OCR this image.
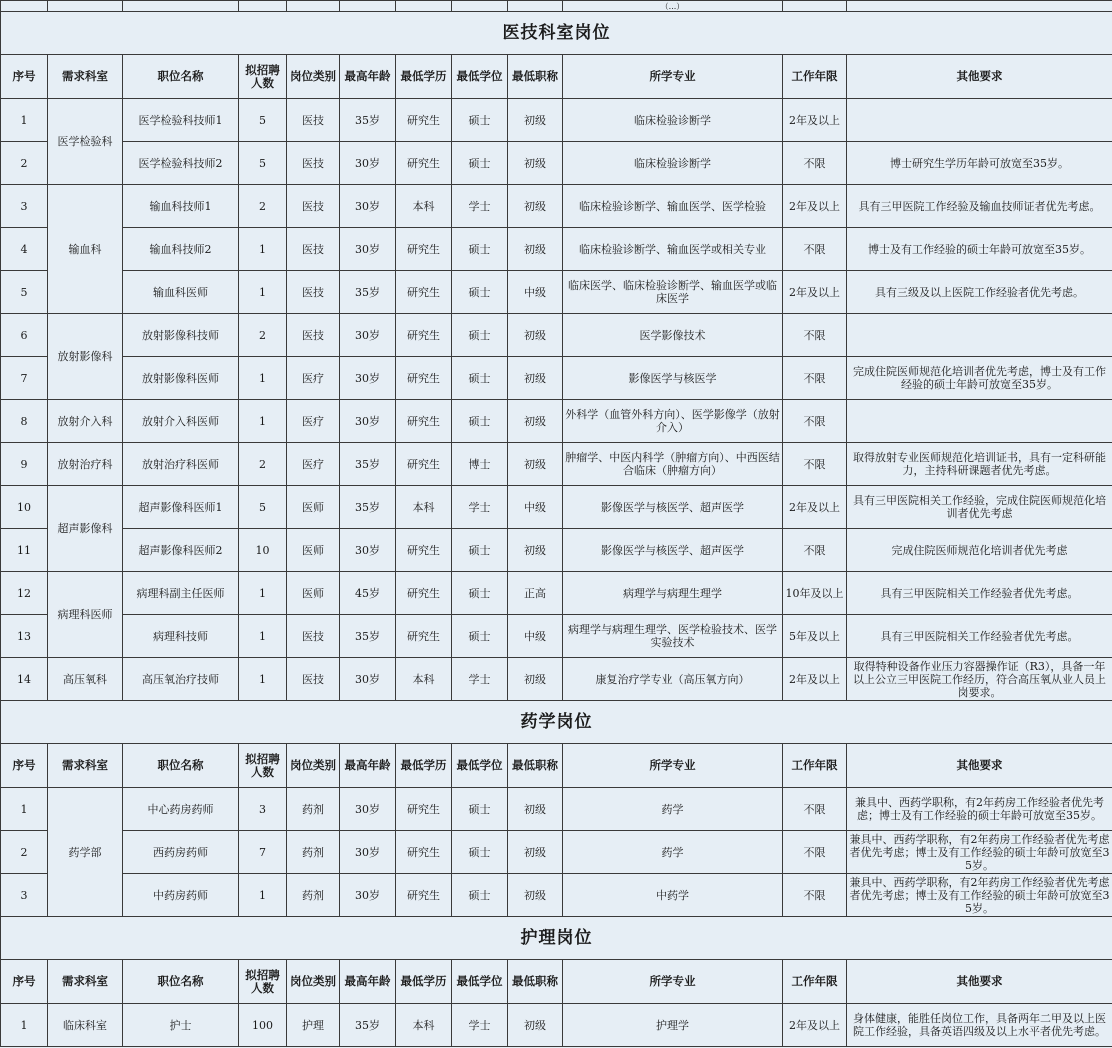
									（...）		
医技科室岗位											
序号	需求科室	职位名称	拟招聘人数	岗位类别	最高年龄	最低学历	最低学位	最低职称	所学专业	工作年限	其他要求
1	医学检验科	医学检验科技师1	5	医技	35岁	研究生	硕士	初级	临床检验诊断学	2年及以上	
2		医学检验科技师2	5	医技	30岁	研究生	硕士	初级	临床检验诊断学	不限	博士研究生学历年龄可放宽至35岁。
3	输血科	输血科技师1	2	医技	30岁	本科	学士	初级	临床检验诊断学、输血医学、医学检验	2年及以上	具有三甲医院工作经验及输血技师证者优先考虑。
4		输血科技师2	1	医技	30岁	研究生	硕士	初级	临床检验诊断学、输血医学或相关专业	不限	博士及有工作经验的硕士年龄可放宽至35岁。
5		输血科医师	1	医技	35岁	研究生	硕士	中级	临床医学、临床检验诊断学、输血医学或临床医学	2年及以上	具有三级及以上医院工作经验者优先考虑。
6	放射影像科	放射影像科技师	2	医技	30岁	研究生	硕士	初级	医学影像技术	不限	
7		放射影像科医师	1	医疗	30岁	研究生	硕士	初级	影像医学与核医学	不限	完成住院医师规范化培训者优先考虑，博士及有工作经验的硕士年龄可放宽至35岁。
8	放射介入科	放射介入科医师	1	医疗	30岁	研究生	硕士	初级	外科学（血管外科方向）、医学影像学（放射介入）	不限	
9	放射治疗科	放射治疗科医师	2	医疗	35岁	研究生	博士	初级	肿瘤学、中医内科学（肿瘤方向）、中西医结合临床（肿瘤方向）	不限	取得放射专业医师规范化培训证书，具有一定科研能力，主持科研课题者优先考虑。
10	超声影像科	超声影像科医师1	5	医师	35岁	本科	学士	中级	影像医学与核医学、超声医学	2年及以上	具有三甲医院相关工作经验，完成住院医师规范化培训者优先考虑
11		超声影像科医师2	10	医师	30岁	研究生	硕士	初级	影像医学与核医学、超声医学	不限	完成住院医师规范化培训者优先考虑
12	病理科医师	病理科副主任医师	1	医师	45岁	研究生	硕士	正高	病理学与病理生理学	10年及以上	具有三甲医院相关工作经验者优先考虑。
13		病理科技师	1	医技	35岁	研究生	硕士	中级	病理学与病理生理学、医学检验技术、医学实验技术	5年及以上	具有三甲医院相关工作经验者优先考虑。
14	高压氧科	高压氧治疗技师	1	医技	30岁	本科	学士	初级	康复治疗学专业（高压氧方向）	2年及以上	取得特种设备作业压力容器操作证（R3），具备一年以上公立三甲医院工作经历，符合高压氧从业人员上岗要求。
药学岗位											
序号	需求科室	职位名称	拟招聘人数	岗位类别	最高年龄	最低学历	最低学位	最低职称	所学专业	工作年限	其他要求
1	药学部	中心药房药师	3	药剂	30岁	研究生	硕士	初级	药学	不限	兼具中、西药学职称，有2年药房工作经验者优先考虑；博士及有工作经验的硕士年龄可放宽至35岁。
2		西药房药师	7	药剂	30岁	研究生	硕士	初级	药学	不限	兼具中、西药学职称，有2年药房工作经验者优先考虑者优先考虑；博士及有工作经验的硕士年龄可放宽至35岁。
3		中药房药师	1	药剂	30岁	研究生	硕士	初级	中药学	不限	兼具中、西药学职称，有2年药房工作经验者优先考虑者优先考虑；博士及有工作经验的硕士年龄可放宽至35岁。
护理岗位											
序号	需求科室	职位名称	拟招聘人数	岗位类别	最高年龄	最低学历	最低学位	最低职称	所学专业	工作年限	其他要求
1	临床科室	护士	100	护理	35岁	本科	学士	初级	护理学	2年及以上	身体健康，能胜任岗位工作，具备两年二甲及以上医院工作经验，具备英语四级及以上水平者优先考虑。
